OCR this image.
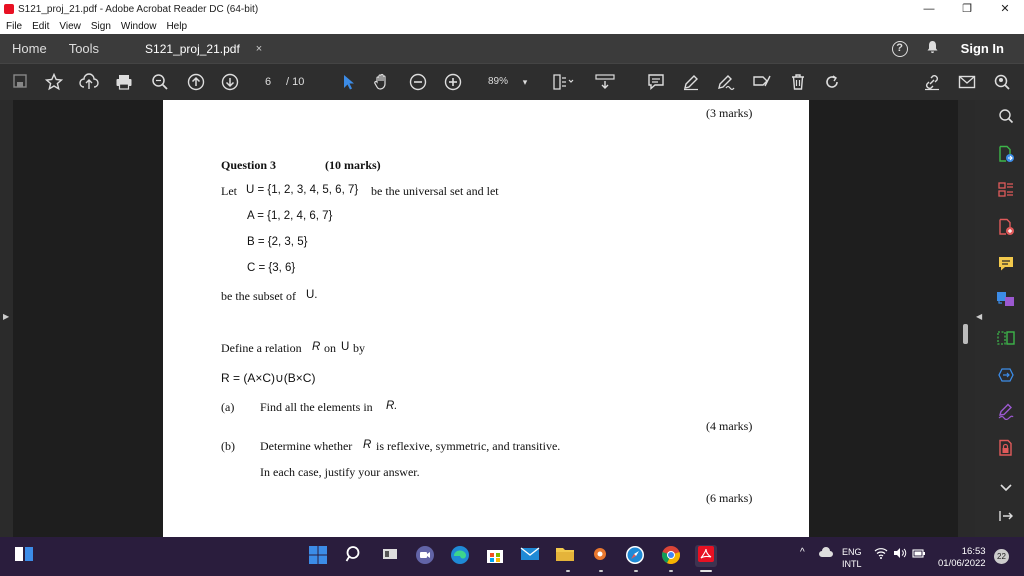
S121_proj_21.pdf - Adobe Acrobat Reader DC (64-bit)	—	❐	✕
File Edit View Sign Window Help
Home Tools	S121_proj_21.pdf ×	?	Sign In
6 / 10	89%	▾
▶
(3 marks)
Question 3	(10 marks)
Let U = {1, 2, 3, 4, 5, 6, 7} be the universal set and let
A = {1, 2, 4, 6, 7}
B = {2, 3, 5}
C = {3, 6}
be the subset of U.
Define a relation R on U by
R = (A×C)∪(B×C)
(a) Find all the elements in R.
(4 marks)
(b) Determine whether R is reflexive, symmetric, and transitive.
In each case, justify your answer.
(6 marks)
◀
^	ENG
INTL
16:53
01/06/2022
22
